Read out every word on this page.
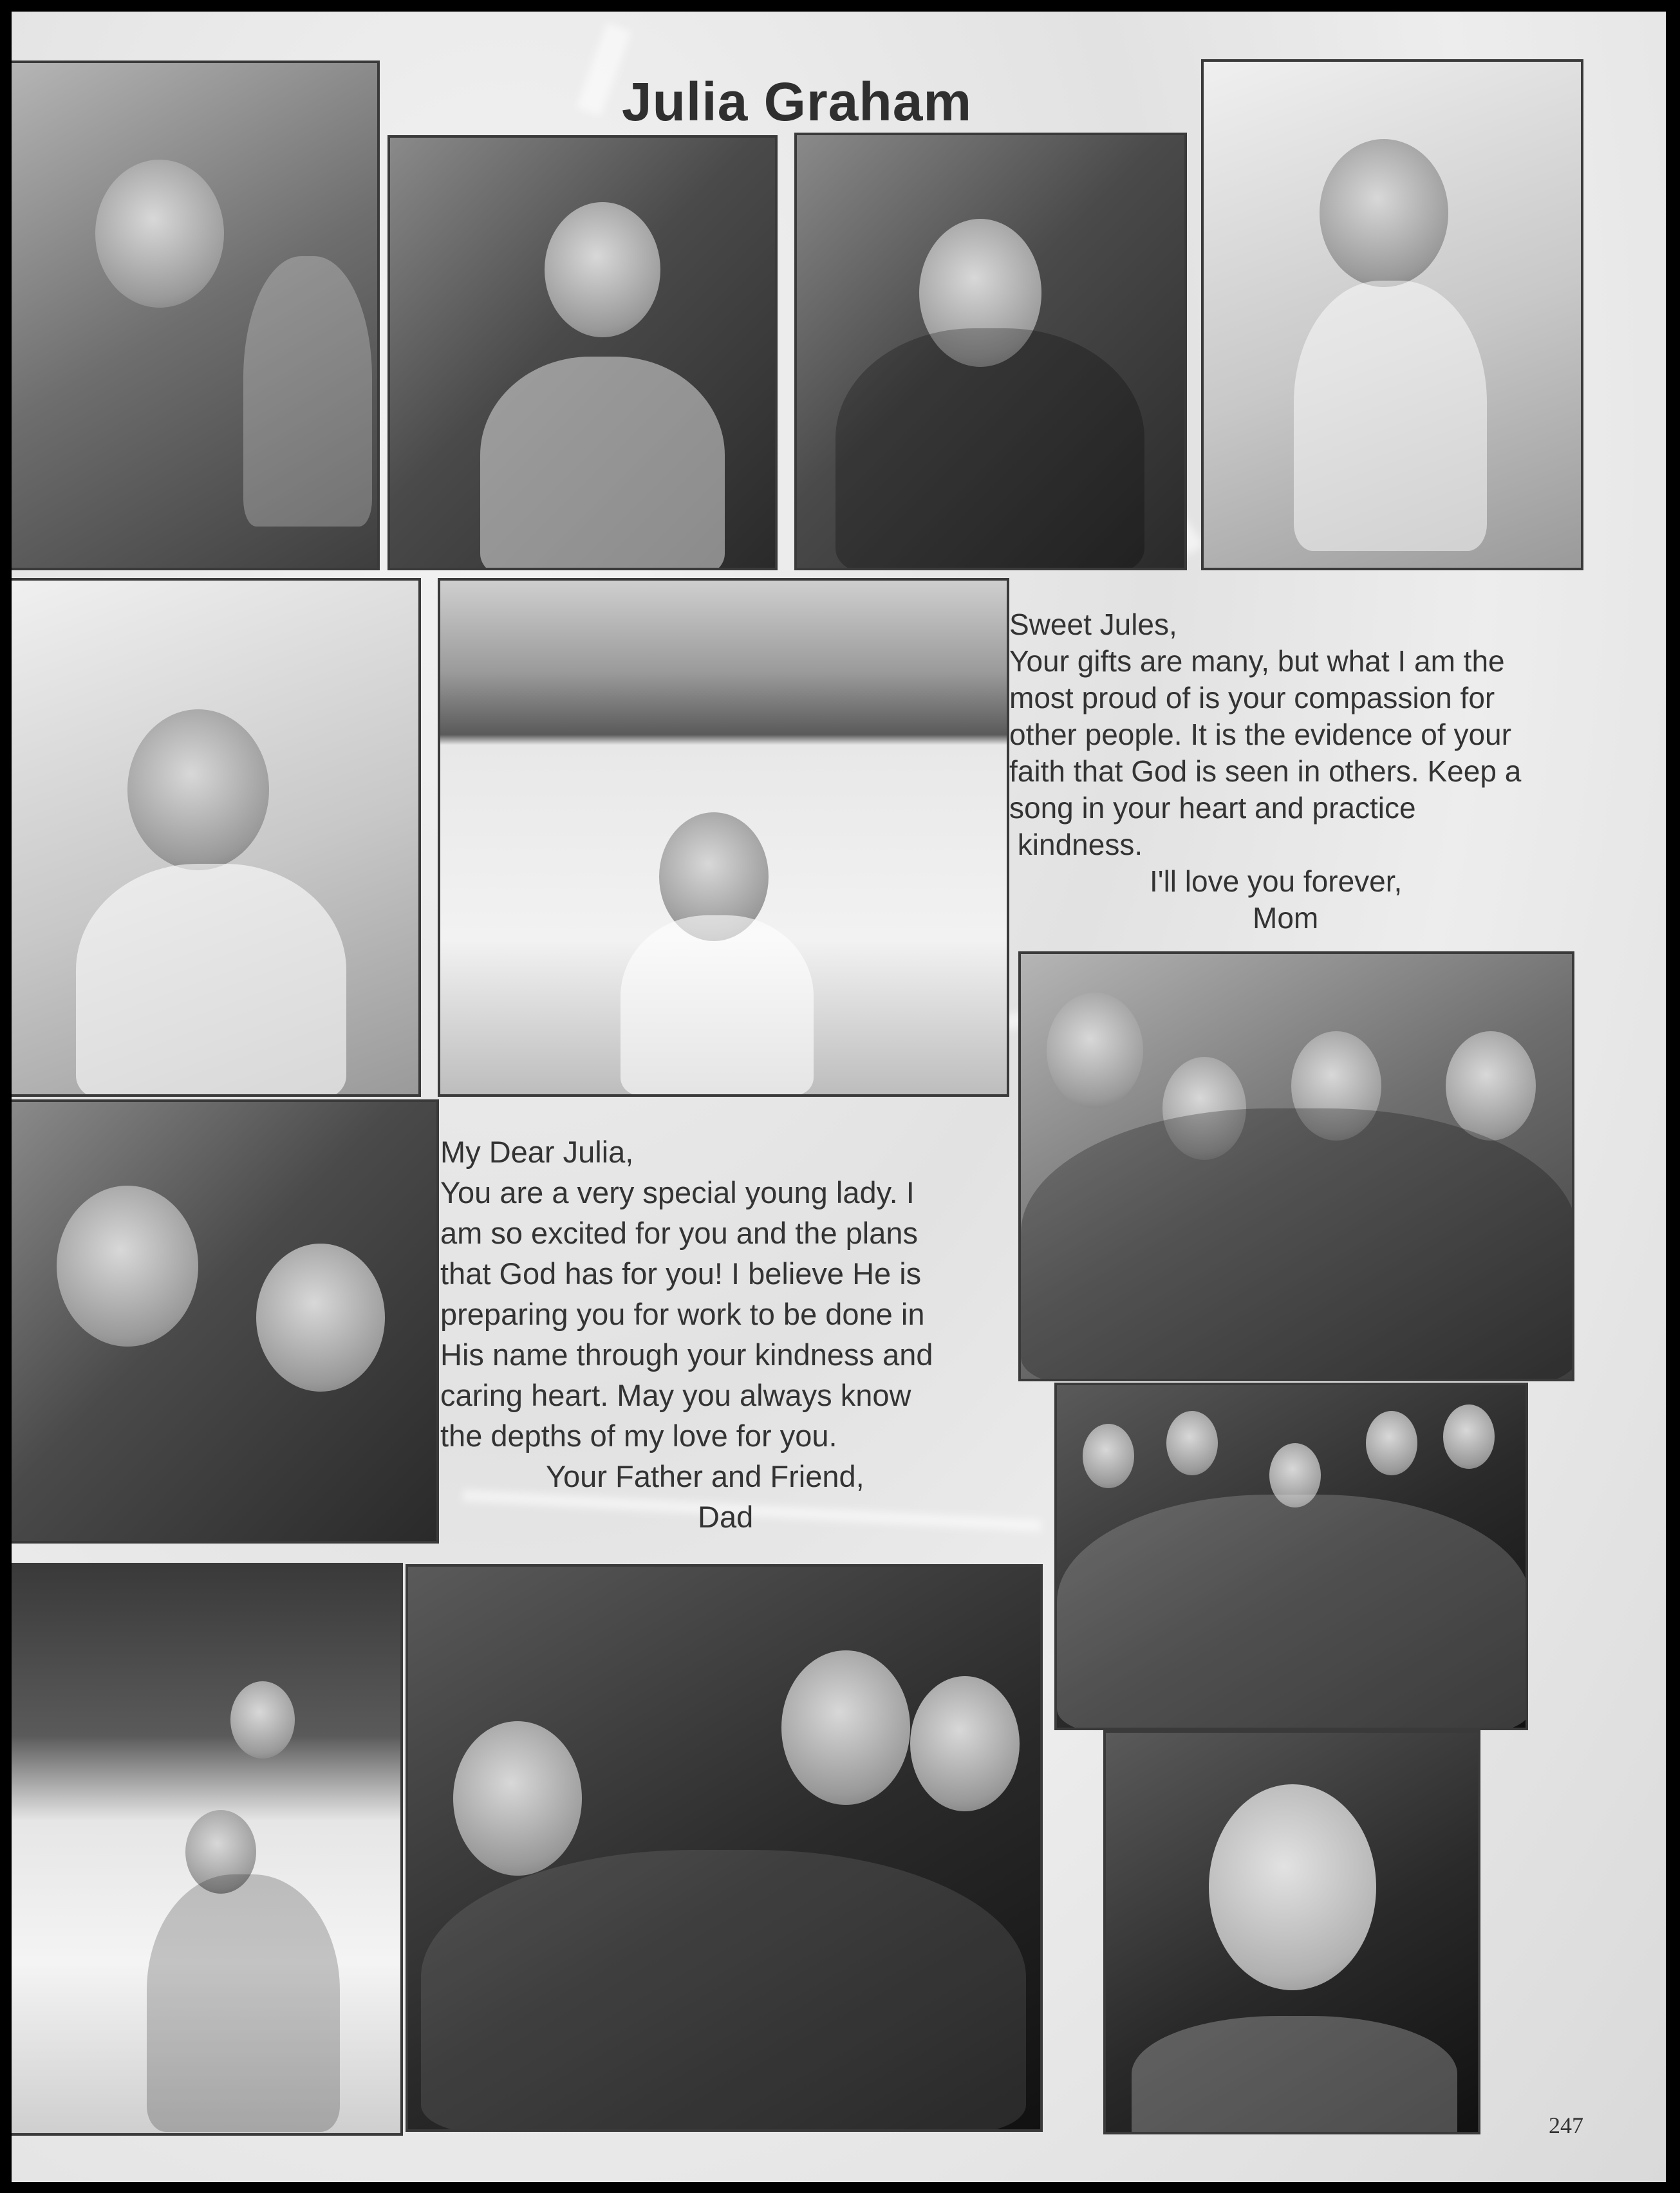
Julia Graham

Sweet Jules,

Your gifts are many, but what I am the

most proud of is your compassion for

other people. It is the evidence of your

faith that God is seen in others. Keep a

song in your heart and practice

kindness.

I'll love you forever,

Mom

My Dear Julia,

You are a very special young lady. I

am so excited for you and the plans

that God has for you! I believe He is

preparing you for work to be done in

His name through your kindness and

caring heart. May you always know

the depths of my love for you.

Your Father and Friend,

Dad

247
